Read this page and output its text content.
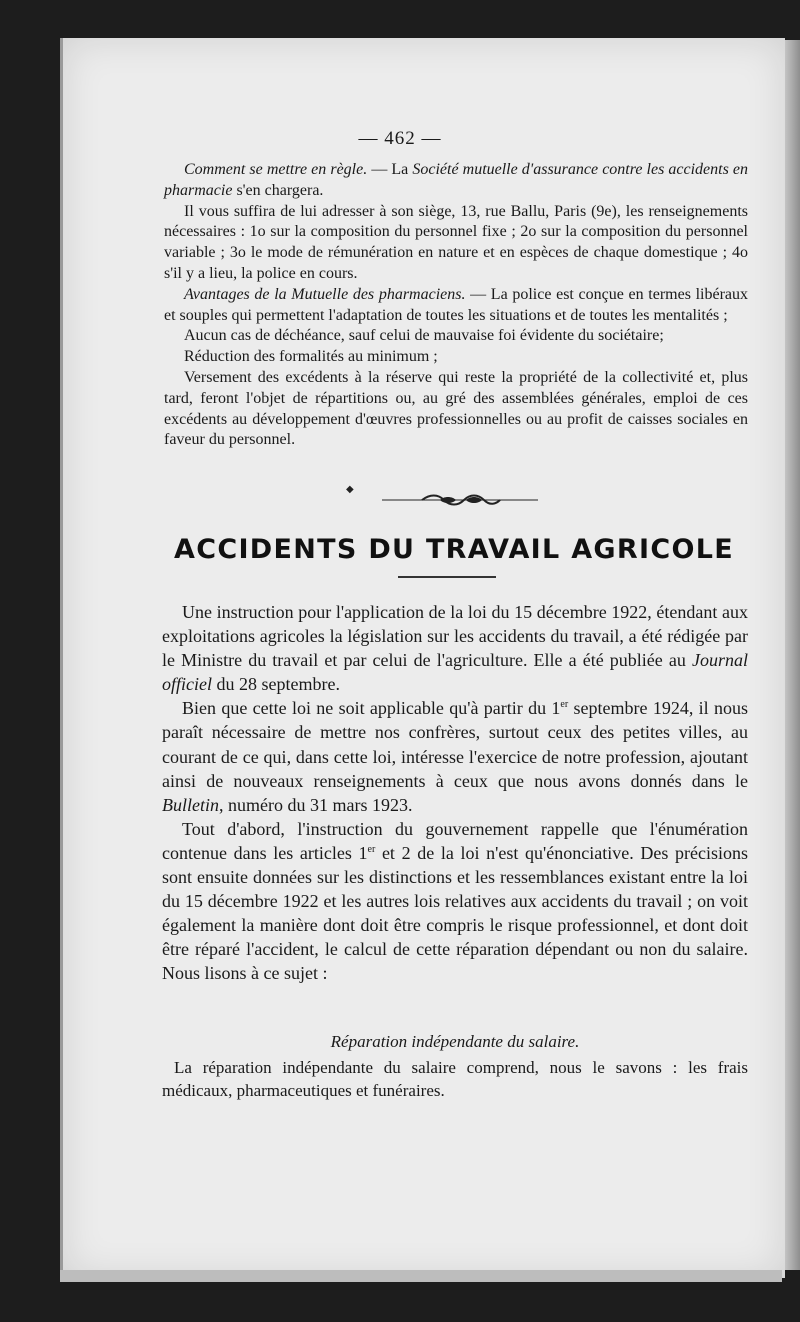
— 462 —

Comment se mettre en règle. — La Société mutuelle d'assurance contre les accidents en pharmacie s'en chargera.

Il vous suffira de lui adresser à son siège, 13, rue Ballu, Paris (9e), les renseignements nécessaires : 1o sur la composition du personnel fixe ; 2o sur la composition du personnel variable ; 3o le mode de rémunération en nature et en espèces de chaque domestique ; 4o s'il y a lieu, la police en cours.

Avantages de la Mutuelle des pharmaciens. — La police est conçue en termes libéraux et souples qui permettent l'adaptation de toutes les situations et de toutes les mentalités ;

Aucun cas de déchéance, sauf celui de mauvaise foi évidente du sociétaire;

Réduction des formalités au minimum ;

Versement des excédents à la réserve qui reste la propriété de la collectivité et, plus tard, feront l'objet de répartitions ou, au gré des assemblées générales, emploi de ces excédents au développement d'œuvres professionnelles ou au profit de caisses sociales en faveur du personnel.

◆
ACCIDENTS DU TRAVAIL AGRICOLE

Une instruction pour l'application de la loi du 15 décembre 1922, étendant aux exploitations agricoles la législation sur les accidents du travail, a été rédigée par le Ministre du travail et par celui de l'agriculture. Elle a été publiée au Journal officiel du 28 septembre.

Bien que cette loi ne soit applicable qu'à partir du 1er septembre 1924, il nous paraît nécessaire de mettre nos confrères, surtout ceux des petites villes, au courant de ce qui, dans cette loi, intéresse l'exercice de notre profession, ajoutant ainsi de nouveaux renseignements à ceux que nous avons donnés dans le Bulletin, numéro du 31 mars 1923.

Tout d'abord, l'instruction du gouvernement rappelle que l'énumération contenue dans les articles 1er et 2 de la loi n'est qu'énonciative. Des précisions sont ensuite données sur les distinctions et les ressemblances existant entre la loi du 15 décembre 1922 et les autres lois relatives aux accidents du travail ; on voit également la manière dont doit être compris le risque professionnel, et dont doit être réparé l'accident, le calcul de cette réparation dépendant ou non du salaire. Nous lisons à ce sujet :

Réparation indépendante du salaire.

La réparation indépendante du salaire comprend, nous le savons : les frais médicaux, pharmaceutiques et funéraires.
